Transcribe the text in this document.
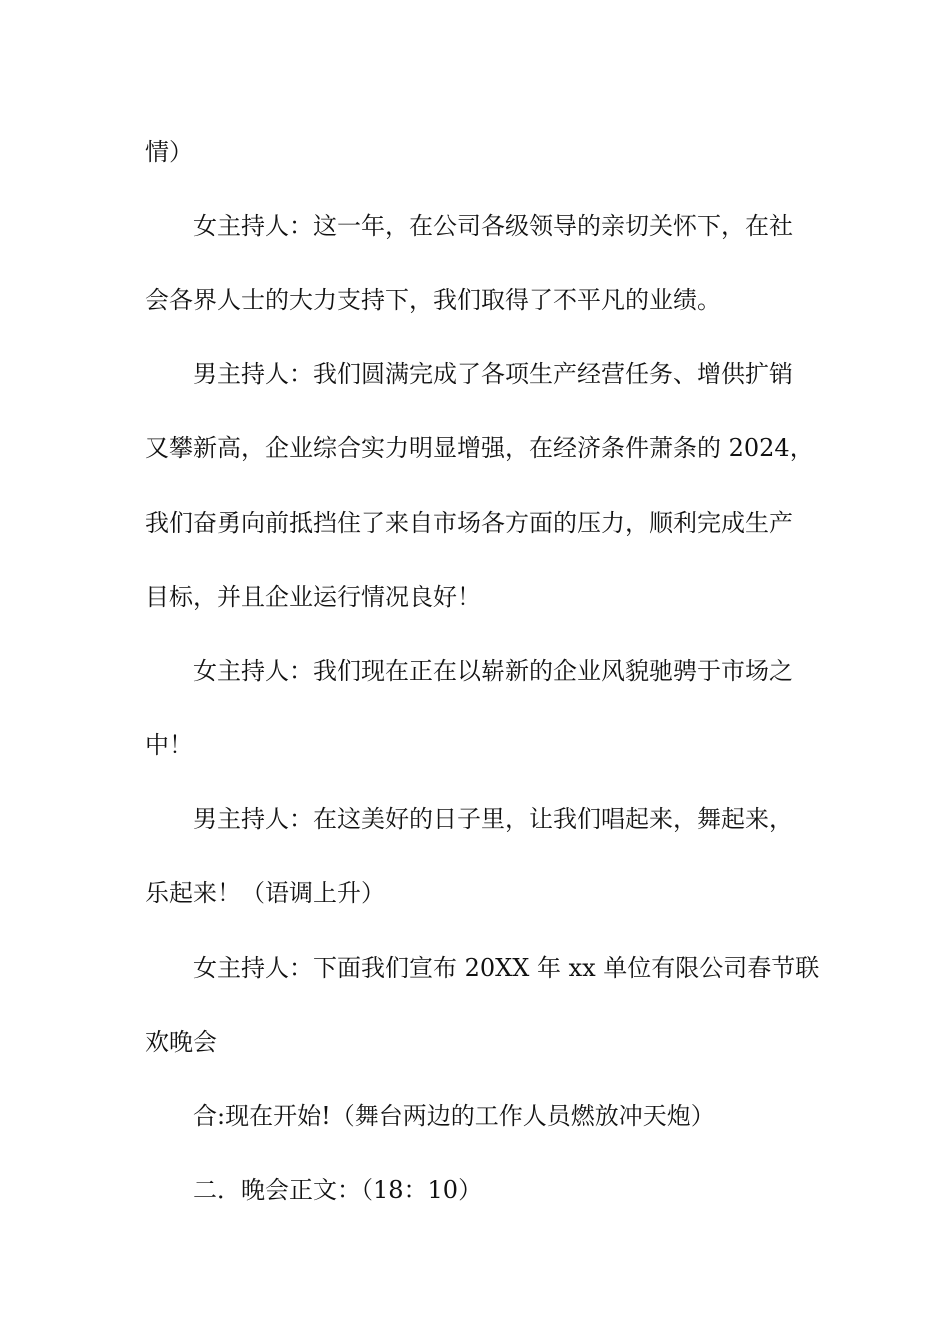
情）
女主持人：这一年，在公司各级领导的亲切关怀下，在社
会各界人士的大力支持下，我们取得了不平凡的业绩。
男主持人：我们圆满完成了各项生产经营任务、增供扩销
又攀新高，企业综合实力明显增强，在经济条件萧条的 2024，
我们奋勇向前抵挡住了来自市场各方面的压力，顺利完成生产
目标，并且企业运行情况良好！
女主持人：我们现在正在以崭新的企业风貌驰骋于市场之
中！
男主持人：在这美好的日子里，让我们唱起来，舞起来，
乐起来！（语调上升）
女主持人：下面我们宣布 20XX 年 xx 单位有限公司春节联
欢晚会
合:现在开始!（舞台两边的工作人员燃放冲天炮）
二．晚会正文：（18：10）
